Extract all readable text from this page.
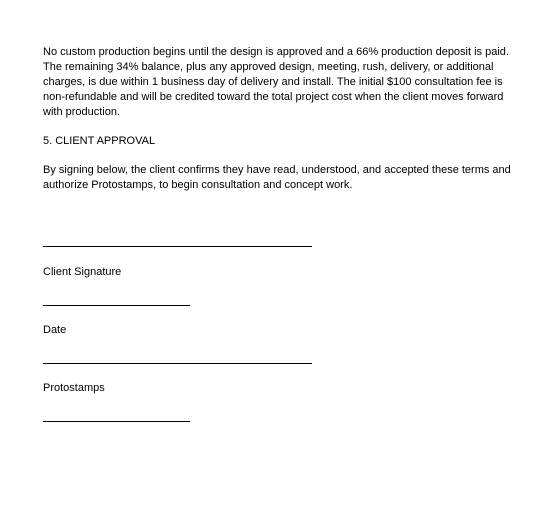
No custom production begins until the design is approved and a 66% production deposit is paid. The remaining 34% balance, plus any approved design, meeting, rush, delivery, or additional charges, is due within 1 business day of delivery and install. The initial $100 consultation fee is non-refundable and will be credited toward the total project cost when the client moves forward with production.

5. CLIENT APPROVAL

By signing below, the client confirms they have read, understood, and accepted these terms and authorize Protostamps, to begin consultation and concept work.

Client Signature
Date
Protostamps
